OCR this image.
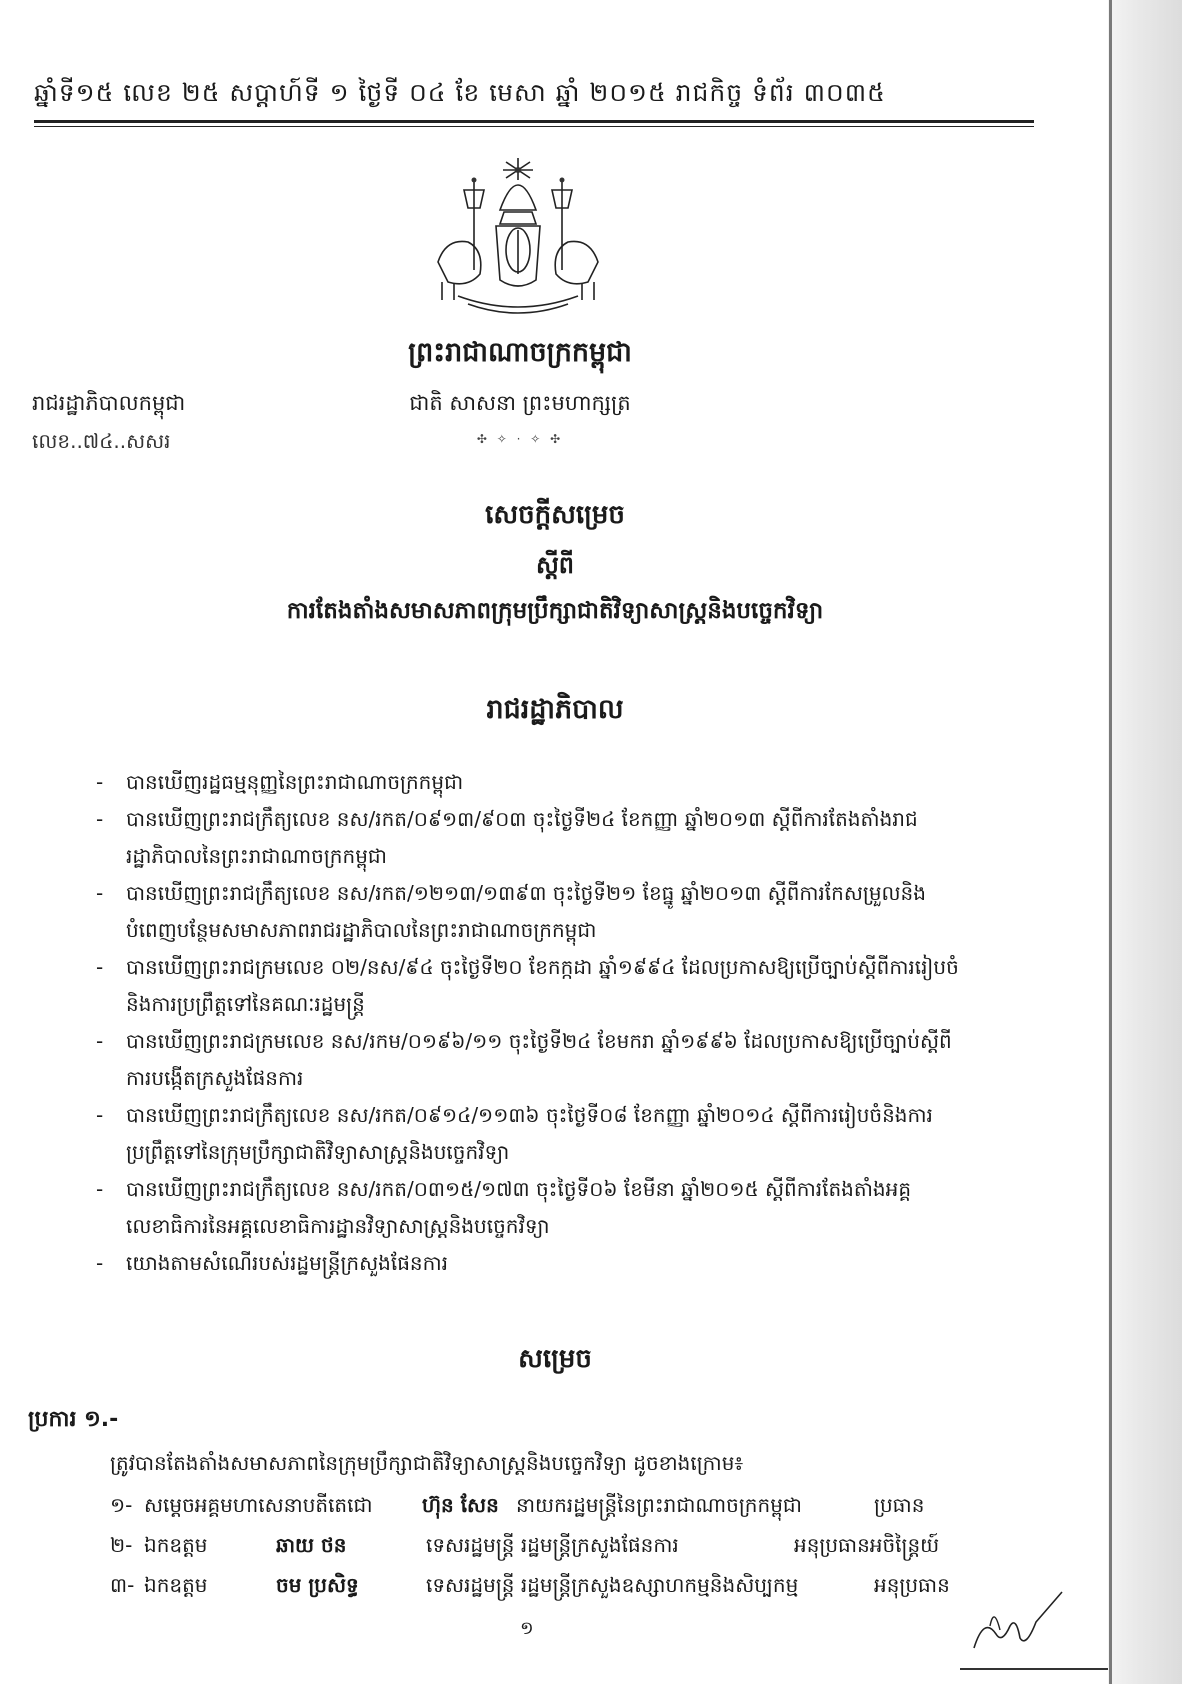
ឆ្នាំទី១៥ លេខ ២៥ សប្តាហ៍ទី ១ ថ្ងៃទី ០៤ ខែ មេសា ឆ្នាំ ២០១៥ រាជកិច្ច ទំព័រ ៣០៣៥
ព្រះរាជាណាចក្រកម្ពុជា
រាជរដ្ឋាភិបាលកម្ពុជា	ជាតិ សាសនា ព្រះមហាក្សត្រ
លេខ..៧៤..សសរ	✣ ✧ · ✧ ✣
សេចក្តីសម្រេច
ស្តីពី
ការតែងតាំងសមាសភាពក្រុមប្រឹក្សាជាតិវិទ្យាសាស្ត្រនិងបច្ចេកវិទ្យា
រាជរដ្ឋាភិបាល
- បានឃើញរដ្ឋធម្មនុញ្ញនៃព្រះរាជាណាចក្រកម្ពុជា
- បានឃើញព្រះរាជក្រឹត្យលេខ នស/រកត/០៩១៣/៩០៣ ចុះថ្ងៃទី២៤ ខែកញ្ញា ឆ្នាំ២០១៣ ស្តីពីការតែងតាំងរាជរដ្ឋាភិបាលនៃព្រះរាជាណាចក្រកម្ពុជា
- បានឃើញព្រះរាជក្រឹត្យលេខ នស/រកត/១២១៣/១៣៩៣ ចុះថ្ងៃទី២១ ខែធ្នូ ឆ្នាំ២០១៣ ស្តីពីការកែសម្រួលនិងបំពេញបន្ថែមសមាសភាពរាជរដ្ឋាភិបាលនៃព្រះរាជាណាចក្រកម្ពុជា
- បានឃើញព្រះរាជក្រមលេខ ០២/នស/៩៤ ចុះថ្ងៃទី២០ ខែកក្កដា ឆ្នាំ១៩៩៤ ដែលប្រកាសឱ្យប្រើច្បាប់ស្តីពីការរៀបចំនិងការប្រព្រឹត្តទៅនៃគណៈរដ្ឋមន្ត្រី
- បានឃើញព្រះរាជក្រមលេខ នស/រកម/០១៩៦/១១ ចុះថ្ងៃទី២៤ ខែមករា ឆ្នាំ១៩៩៦ ដែលប្រកាសឱ្យប្រើច្បាប់ស្តីពីការបង្កើតក្រសួងផែនការ
- បានឃើញព្រះរាជក្រឹត្យលេខ នស/រកត/០៩១៤/១១៣៦ ចុះថ្ងៃទី០៨ ខែកញ្ញា ឆ្នាំ២០១៤ ស្តីពីការរៀបចំនិងការប្រព្រឹត្តទៅនៃក្រុមប្រឹក្សាជាតិវិទ្យាសាស្ត្រនិងបច្ចេកវិទ្យា
- បានឃើញព្រះរាជក្រឹត្យលេខ នស/រកត/០៣១៥/១៧៣ ចុះថ្ងៃទី០៦ ខែមីនា ឆ្នាំ២០១៥ ស្តីពីការតែងតាំងអគ្គលេខាធិការនៃអគ្គលេខាធិការដ្ឋានវិទ្យាសាស្ត្រនិងបច្ចេកវិទ្យា
- យោងតាមសំណើរបស់រដ្ឋមន្ត្រីក្រសួងផែនការ
សម្រេច
ប្រការ ១.-
ត្រូវបានតែងតាំងសមាសភាពនៃក្រុមប្រឹក្សាជាតិវិទ្យាសាស្ត្រនិងបច្ចេកវិទ្យា ដូចខាងក្រោម៖
១- សម្តេចអគ្គមហាសេនាបតីតេជោ ហ៊ុន សែន នាយករដ្ឋមន្ត្រីនៃព្រះរាជាណាចក្រកម្ពុជា	ប្រធាន
២- ឯកឧត្តម	ឆាយ ថន	ទេសរដ្ឋមន្ត្រី រដ្ឋមន្ត្រីក្រសួងផែនការ	អនុប្រធានអចិន្ត្រៃយ៍
៣- ឯកឧត្តម	ចម ប្រសិទ្ធ	ទេសរដ្ឋមន្ត្រី រដ្ឋមន្ត្រីក្រសួងឧស្សាហកម្មនិងសិប្បកម្ម	អនុប្រធាន
១
